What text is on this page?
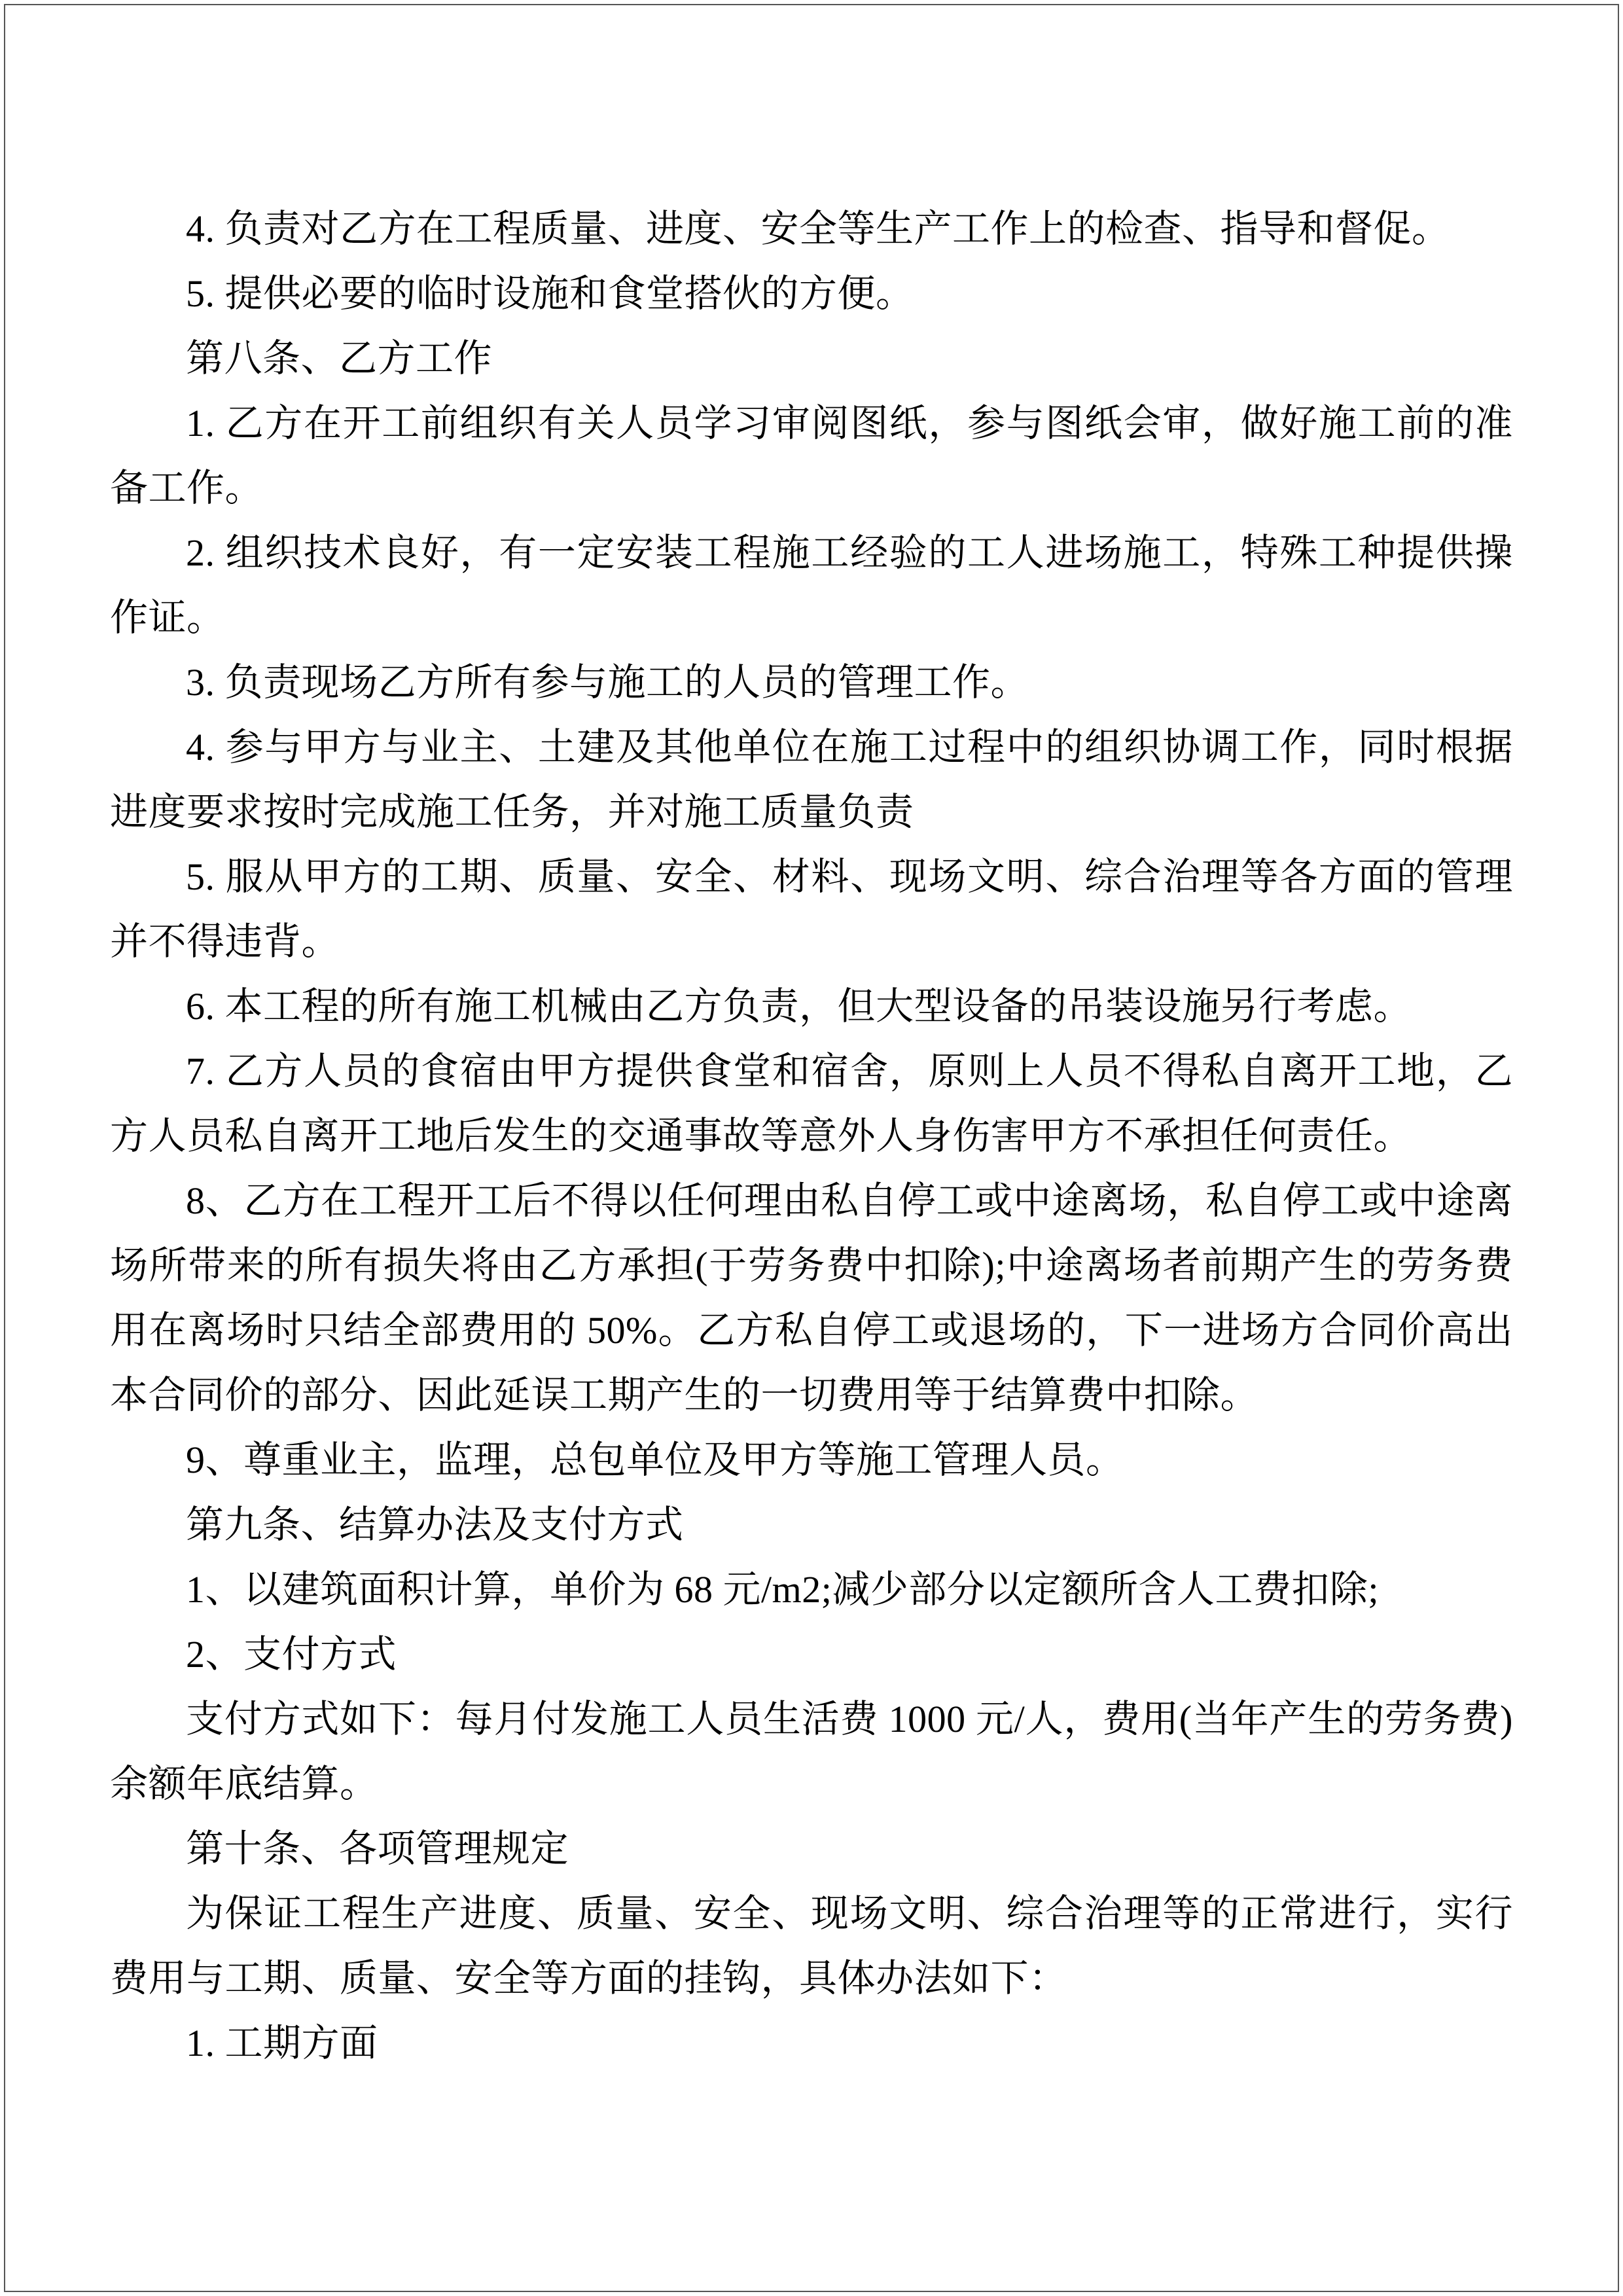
4. 负责对乙方在工程质量、进度、安全等生产工作上的检查、指导和督促。

5. 提供必要的临时设施和食堂搭伙的方便。

第八条、乙方工作

1. 乙方在开工前组织有关人员学习审阅图纸，参与图纸会审，做好施工前的准备工作。

2. 组织技术良好，有一定安装工程施工经验的工人进场施工，特殊工种提供操作证。

3. 负责现场乙方所有参与施工的人员的管理工作。

4. 参与甲方与业主、土建及其他单位在施工过程中的组织协调工作，同时根据进度要求按时完成施工任务，并对施工质量负责

5. 服从甲方的工期、质量、安全、材料、现场文明、综合治理等各方面的管理并不得违背。

6. 本工程的所有施工机械由乙方负责，但大型设备的吊装设施另行考虑。

7. 乙方人员的食宿由甲方提供食堂和宿舍，原则上人员不得私自离开工地，乙方人员私自离开工地后发生的交通事故等意外人身伤害甲方不承担任何责任。

8、乙方在工程开工后不得以任何理由私自停工或中途离场，私自停工或中途离场所带来的所有损失将由乙方承担(于劳务费中扣除);中途离场者前期产生的劳务费用在离场时只结全部费用的 50%。乙方私自停工或退场的，下一进场方合同价高出本合同价的部分、因此延误工期产生的一切费用等于结算费中扣除。

9、尊重业主，监理，总包单位及甲方等施工管理人员。

第九条、结算办法及支付方式

1、以建筑面积计算，单价为 68 元/m2;减少部分以定额所含人工费扣除;

2、支付方式

支付方式如下：每月付发施工人员生活费 1000 元/人，费用(当年产生的劳务费)余额年底结算。

第十条、各项管理规定

为保证工程生产进度、质量、安全、现场文明、综合治理等的正常进行，实行费用与工期、质量、安全等方面的挂钩，具体办法如下：

1. 工期方面
